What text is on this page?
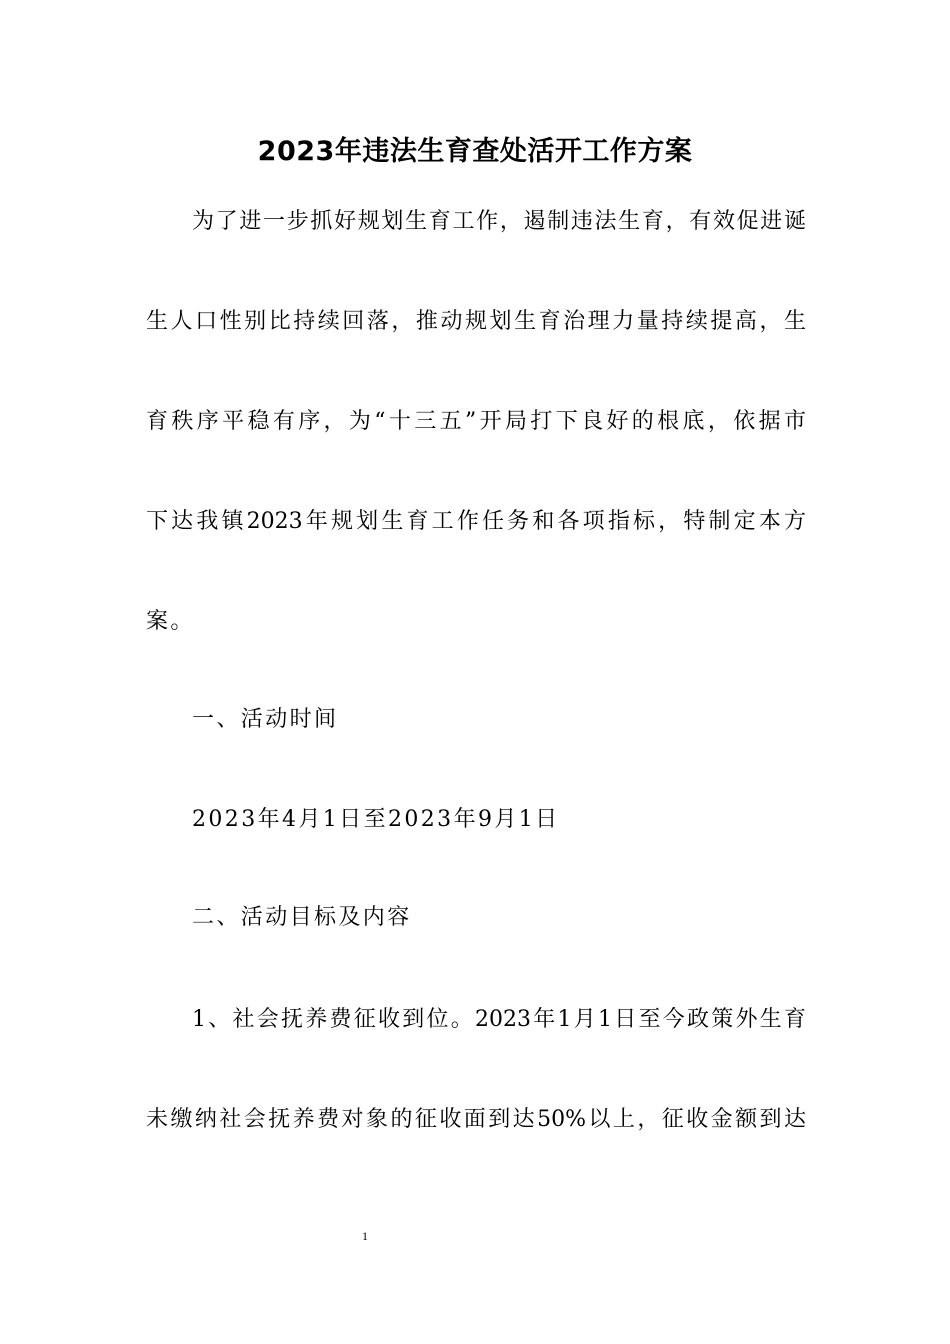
2023年违法生育查处活开工作方案
为了进一步抓好规划生育工作，遏制违法生育，有效促进诞
生人口性别比持续回落，推动规划生育治理力量持续提高，生
育秩序平稳有序，为“十三五”开局打下良好的根底，依据市
下达我镇2023年规划生育工作任务和各项指标，特制定本方
案。
一、活动时间
2023年4月1日至2023年9月1日
二、活动目标及内容
1、社会抚养费征收到位。2023年1月1日至今政策外生育
未缴纳社会抚养费对象的征收面到达50%以上，征收金额到达
1
